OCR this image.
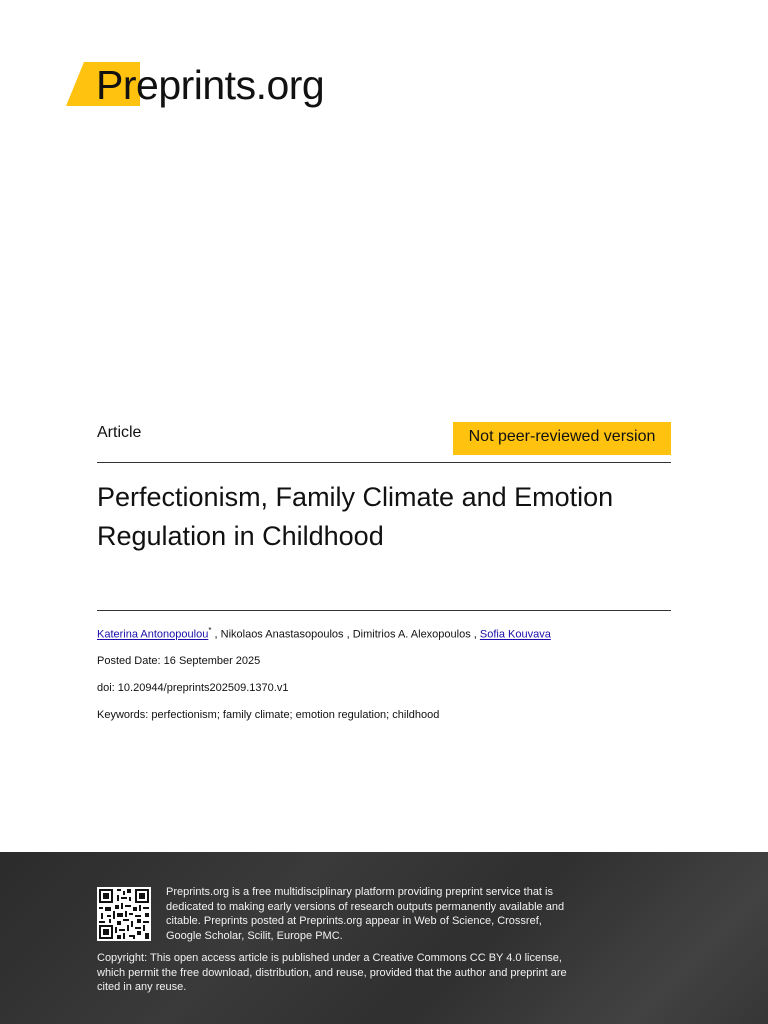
Preprints.org
Article	Not peer-reviewed version
Perfectionism, Family Climate and Emotion Regulation in Childhood
Katerina Antonopoulou* , Nikolaos Anastasopoulos , Dimitrios A. Alexopoulos , Sofia Kouvava
Posted Date: 16 September 2025
doi: 10.20944/preprints202509.1370.v1
Keywords: perfectionism; family climate; emotion regulation; childhood
Preprints.org is a free multidisciplinary platform providing preprint service that is dedicated to making early versions of research outputs permanently available and citable. Preprints posted at Preprints.org appear in Web of Science, Crossref, Google Scholar, Scilit, Europe PMC.
Copyright: This open access article is published under a Creative Commons CC BY 4.0 license, which permit the free download, distribution, and reuse, provided that the author and preprint are cited in any reuse.
